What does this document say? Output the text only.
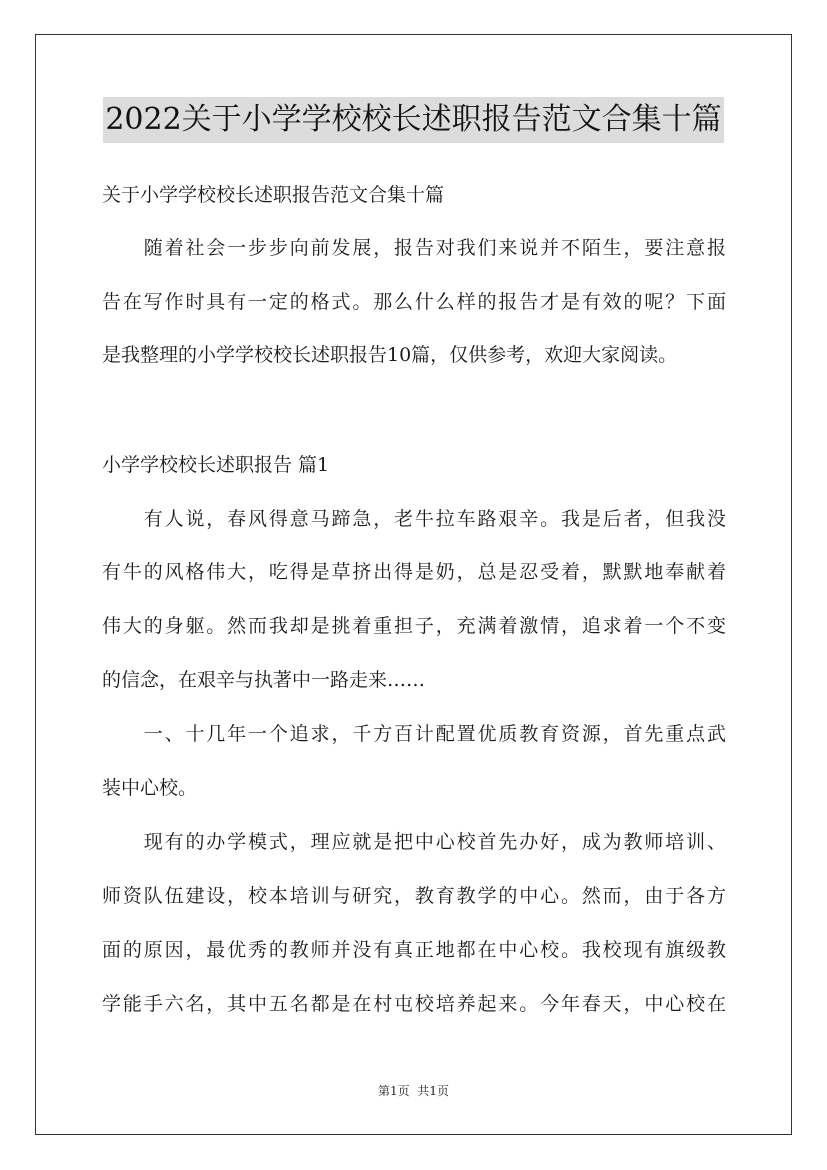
2022关于小学学校校长述职报告范文合集十篇
关于小学学校校长述职报告范文合集十篇
　　随着社会一步步向前发展，报告对我们来说并不陌生，要注意报
告在写作时具有一定的格式。那么什么样的报告才是有效的呢？下面
是我整理的小学学校校长述职报告10篇，仅供参考，欢迎大家阅读。
小学学校校长述职报告 篇1
　　有人说，春风得意马蹄急，老牛拉车路艰辛。我是后者，但我没
有牛的风格伟大，吃得是草挤出得是奶，总是忍受着，默默地奉献着
伟大的身躯。然而我却是挑着重担子，充满着激情，追求着一个不变
的信念，在艰辛与执著中一路走来……
　　一、十几年一个追求，千方百计配置优质教育资源，首先重点武
装中心校。
　　现有的办学模式，理应就是把中心校首先办好，成为教师培训、
师资队伍建设，校本培训与研究，教育教学的中心。然而，由于各方
面的原因，最优秀的教师并没有真正地都在中心校。我校现有旗级教
学能手六名，其中五名都是在村屯校培养起来。今年春天，中心校在
第1页 共1页
